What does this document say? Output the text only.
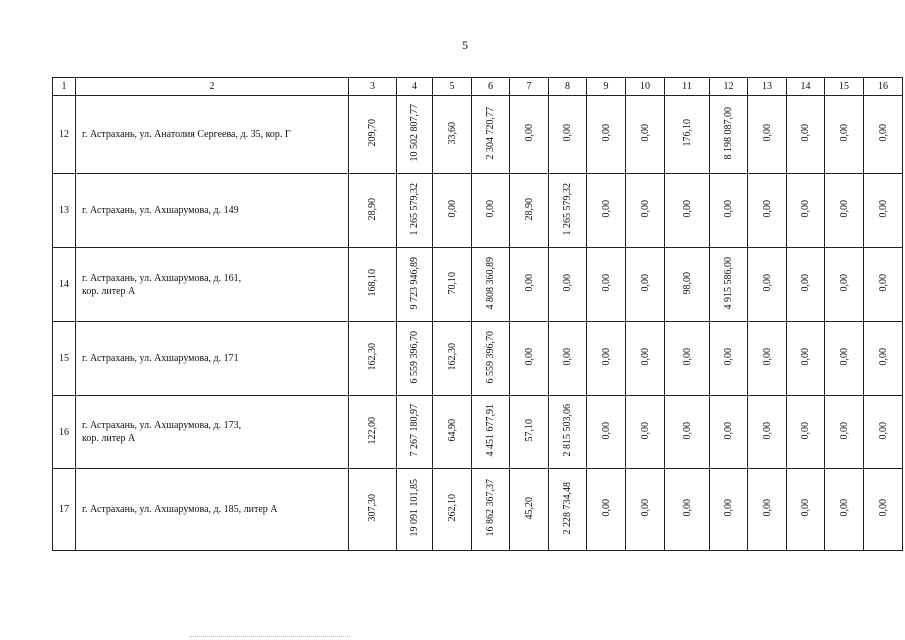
5
1	2	3	4	5	6	7	8	9	10	11	12	13	14	15	16
12	г. Астрахань, ул. Анатолия Сергеева, д. 35, кор. Г	209,70	10 502 807,77	33,60	2 304 720,77	0,00	0,00	0,00	0,00	176,10	8 198 087,00	0,00	0,00	0,00	0,00
13	г. Астрахань, ул. Ахшарумова, д. 149	28,90	1 265 579,32	0,00	0,00	28,90	1 265 579,32	0,00	0,00	0,00	0,00	0,00	0,00	0,00	0,00
14	г. Астрахань, ул. Ахшарумова, д. 161,
кор. литер А	168,10	9 723 946,89	70,10	4 808 360,89	0,00	0,00	0,00	0,00	98,00	4 915 586,00	0,00	0,00	0,00	0,00
15	г. Астрахань, ул. Ахшарумова, д. 171	162,30	6 559 396,70	162,30	6 559 396,70	0,00	0,00	0,00	0,00	0,00	0,00	0,00	0,00	0,00	0,00
16	г. Астрахань, ул. Ахшарумова, д. 173,
кор. литер А	122,00	7 267 180,97	64,90	4 451 677,91	57,10	2 815 503,06	0,00	0,00	0,00	0,00	0,00	0,00	0,00	0,00
17	г. Астрахань, ул. Ахшарумова, д. 185, литер А	307,30	19 091 101,85	262,10	16 862 367,37	45,20	2 228 734,48	0,00	0,00	0,00	0,00	0,00	0,00	0,00	0,00
